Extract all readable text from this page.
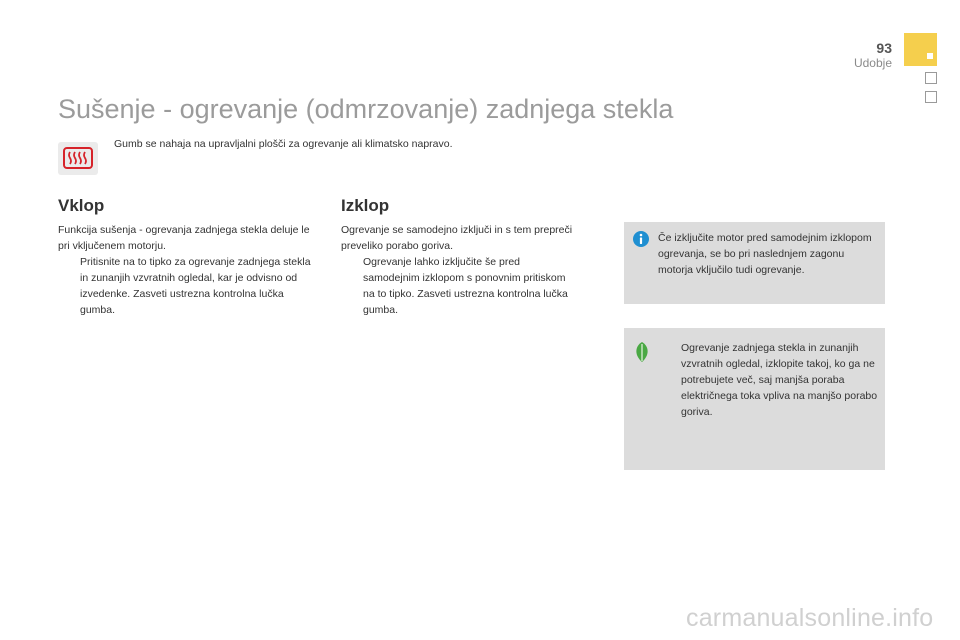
93
Udobje
Sušenje - ogrevanje (odmrzovanje) zadnjega stekla
Gumb se nahaja na upravljalni plošči za ogrevanje ali klimatsko napravo.
Vklop
Funkcija sušenja - ogrevanja zadnjega stekla deluje le pri vključenem motorju.
Pritisnite na to tipko za ogrevanje zadnjega stekla in zunanjih vzvratnih ogledal, kar je odvisno od izvedenke. Zasveti ustrezna kontrolna lučka gumba.
Izklop
Ogrevanje se samodejno izključi in s tem prepreči preveliko porabo goriva.
Ogrevanje lahko izključite še pred samodejnim izklopom s ponovnim pritiskom na to tipko. Zasveti ustrezna kontrolna lučka gumba.
Če izključite motor pred samodejnim izklopom ogrevanja, se bo pri naslednjem zagonu motorja vključilo tudi ogrevanje.
Ogrevanje zadnjega stekla in zunanjih vzvratnih ogledal, izklopite takoj, ko ga ne potrebujete več, saj manjša poraba električnega toka vpliva na manjšo porabo goriva.
carmanualsonline.info
